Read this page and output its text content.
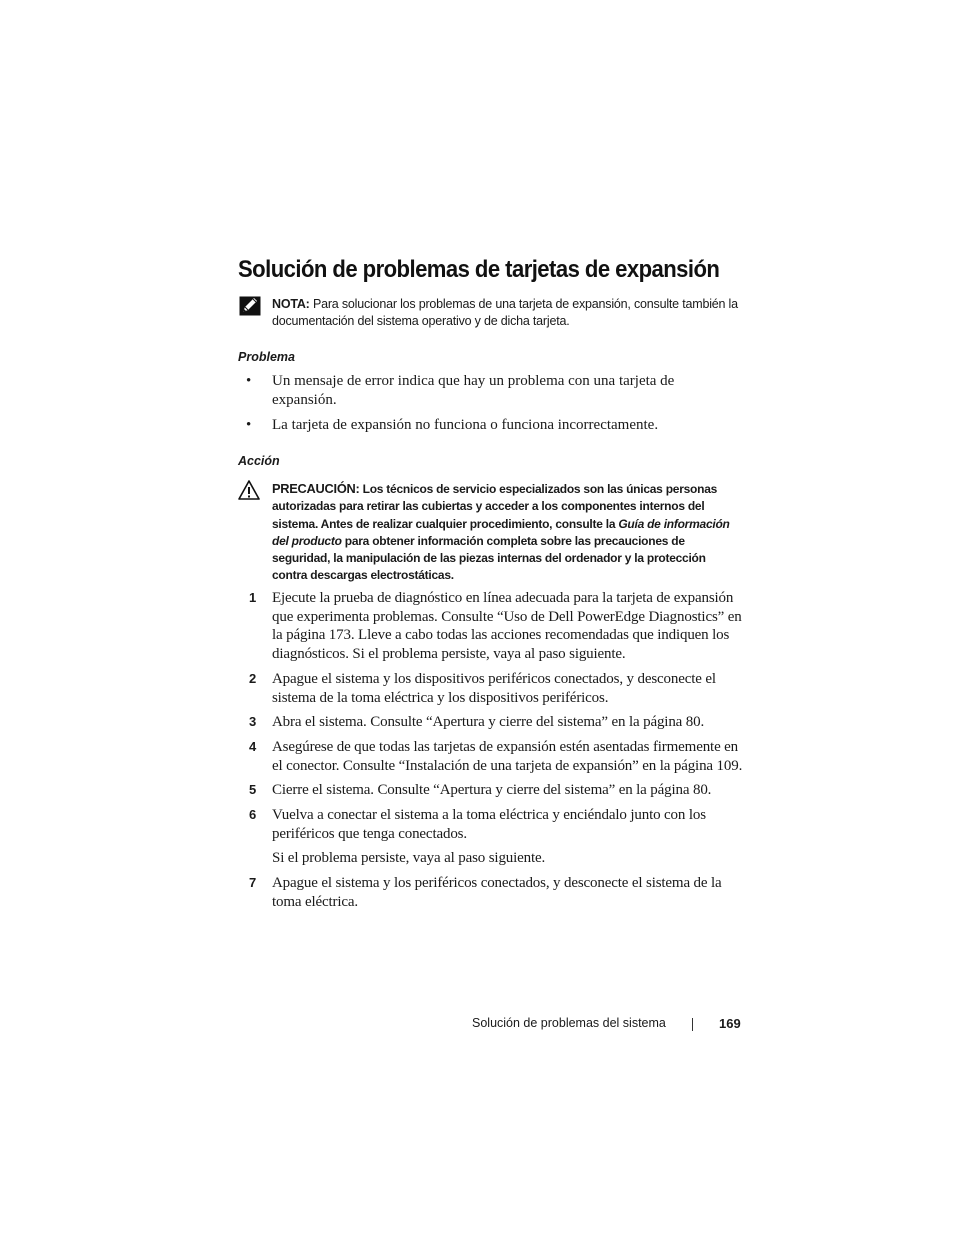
Solución de problemas de tarjetas de expansión
NOTA: Para solucionar los problemas de una tarjeta de expansión, consulte también la documentación del sistema operativo y de dicha tarjeta.
Problema
• Un mensaje de error indica que hay un problema con una tarjeta de expansión.
• La tarjeta de expansión no funciona o funciona incorrectamente.
Acción
PRECAUCIÓN: Los técnicos de servicio especializados son las únicas personas autorizadas para retirar las cubiertas y acceder a los componentes internos del sistema. Antes de realizar cualquier procedimiento, consulte la Guía de información del producto para obtener información completa sobre las precauciones de seguridad, la manipulación de las piezas internas del ordenador y la protección contra descargas electrostáticas.
1 Ejecute la prueba de diagnóstico en línea adecuada para la tarjeta de expansión que experimenta problemas. Consulte “Uso de Dell PowerEdge Diagnostics” en la página 173. Lleve a cabo todas las acciones recomendadas que indiquen los diagnósticos. Si el problema persiste, vaya al paso siguiente.
2 Apague el sistema y los dispositivos periféricos conectados, y desconecte el sistema de la toma eléctrica y los dispositivos periféricos.
3 Abra el sistema. Consulte “Apertura y cierre del sistema” en la página 80.
4 Asegúrese de que todas las tarjetas de expansión estén asentadas firmemente en el conector. Consulte “Instalación de una tarjeta de expansión” en la página 109.
5 Cierre el sistema. Consulte “Apertura y cierre del sistema” en la página 80.
6 Vuelva a conectar el sistema a la toma eléctrica y enciéndalo junto con los periféricos que tenga conectados.
Si el problema persiste, vaya al paso siguiente.
7 Apague el sistema y los periféricos conectados, y desconecte el sistema de la toma eléctrica.
Solución de problemas del sistema	169
